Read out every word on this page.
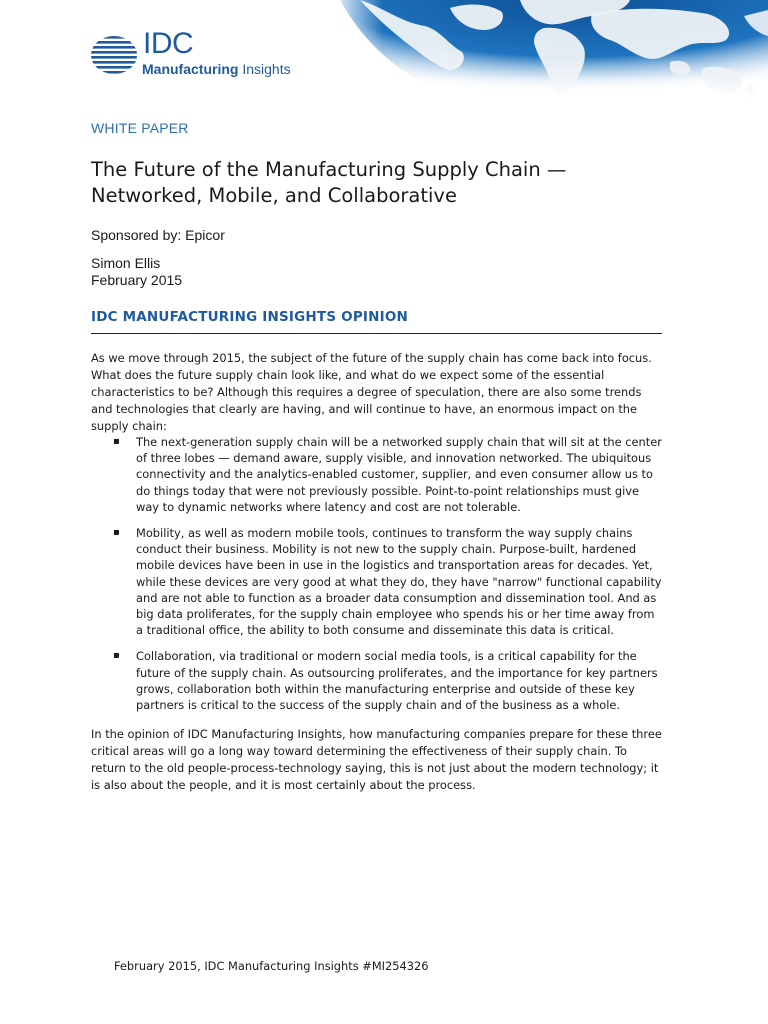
IDC
Manufacturing Insights
WHITE PAPER
The Future of the Manufacturing Supply Chain —
Networked, Mobile, and Collaborative
Sponsored by: Epicor
Simon Ellis
February 2015
IDC MANUFACTURING INSIGHTS OPINION

As we move through 2015, the subject of the future of the supply chain has come back into focus. What does the future supply chain look like, and what do we expect some of the essential characteristics to be? Although this requires a degree of speculation, there are also some trends and technologies that clearly are having, and will continue to have, an enormous impact on the supply chain:

▪ The next-generation supply chain will be a networked supply chain that will sit at the center of three lobes — demand aware, supply visible, and innovation networked. The ubiquitous connectivity and the analytics-enabled customer, supplier, and even consumer allow us to do things today that were not previously possible. Point-to-point relationships must give way to dynamic networks where latency and cost are not tolerable.
▪ Mobility, as well as modern mobile tools, continues to transform the way supply chains conduct their business. Mobility is not new to the supply chain. Purpose-built, hardened mobile devices have been in use in the logistics and transportation areas for decades. Yet, while these devices are very good at what they do, they have "narrow" functional capability and are not able to function as a broader data consumption and dissemination tool. And as big data proliferates, for the supply chain employee who spends his or her time away from a traditional office, the ability to both consume and disseminate this data is critical.
▪ Collaboration, via traditional or modern social media tools, is a critical capability for the future of the supply chain. As outsourcing proliferates, and the importance for key partners grows, collaboration both within the manufacturing enterprise and outside of these key partners is critical to the success of the supply chain and of the business as a whole.

In the opinion of IDC Manufacturing Insights, how manufacturing companies prepare for these three critical areas will go a long way toward determining the effectiveness of their supply chain. To return to the old people-process-technology saying, this is not just about the modern technology; it is also about the people, and it is most certainly about the process.

February 2015, IDC Manufacturing Insights #MI254326
